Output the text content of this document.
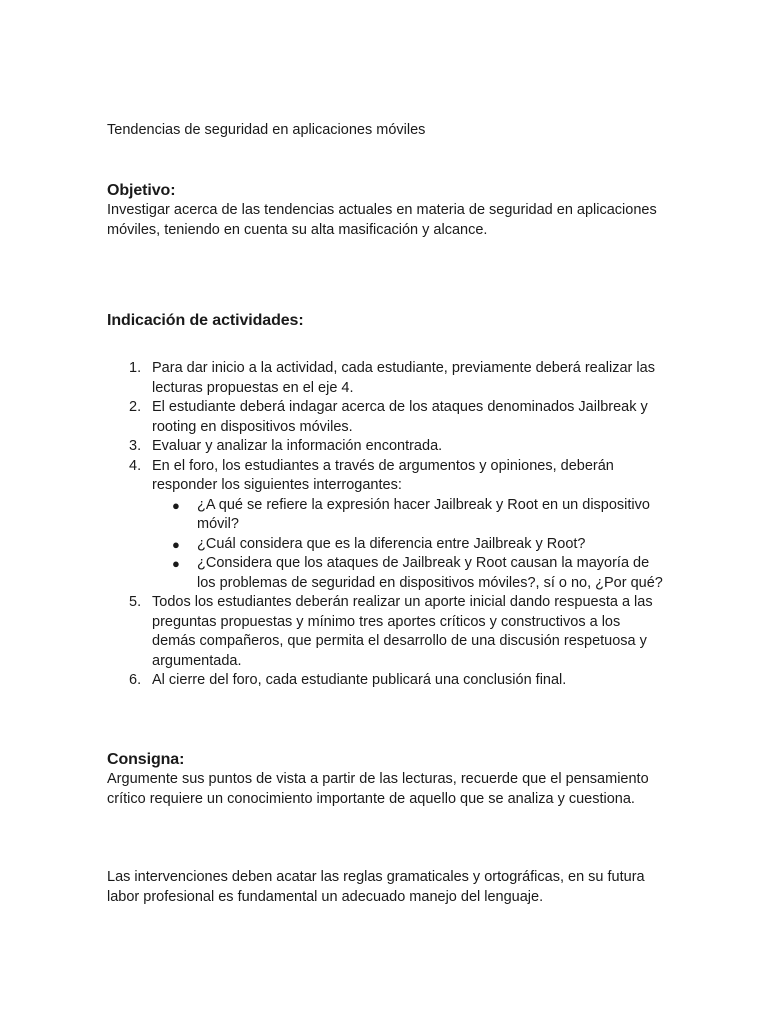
Tendencias de seguridad en aplicaciones móviles

Objetivo:

Investigar acerca de las tendencias actuales en materia de seguridad en aplicaciones móviles, teniendo en cuenta su alta masificación y alcance.

Indicación de actividades:

1. Para dar inicio a la actividad, cada estudiante, previamente deberá realizar las lecturas propuestas en el eje 4.
2. El estudiante deberá indagar acerca de los ataques denominados Jailbreak y rooting en dispositivos móviles.
3. Evaluar y analizar la información encontrada.
4. En el foro, los estudiantes a través de argumentos y opiniones, deberán responder los siguientes interrogantes:
● ¿A qué se refiere la expresión hacer Jailbreak y Root en un dispositivo móvil?
● ¿Cuál considera que es la diferencia entre Jailbreak y Root?
● ¿Considera que los ataques de Jailbreak y Root causan la mayoría de los problemas de seguridad en dispositivos móviles?, sí o no, ¿Por qué?
5. Todos los estudiantes deberán realizar un aporte inicial dando respuesta a las preguntas propuestas y mínimo tres aportes críticos y constructivos a los demás compañeros, que permita el desarrollo de una discusión respetuosa y argumentada.
6. Al cierre del foro, cada estudiante publicará una conclusión final.

Consigna:

Argumente sus puntos de vista a partir de las lecturas, recuerde que el pensamiento crítico requiere un conocimiento importante de aquello que se analiza y cuestiona.

Las intervenciones deben acatar las reglas gramaticales y ortográficas, en su futura labor profesional es fundamental un adecuado manejo del lenguaje.
